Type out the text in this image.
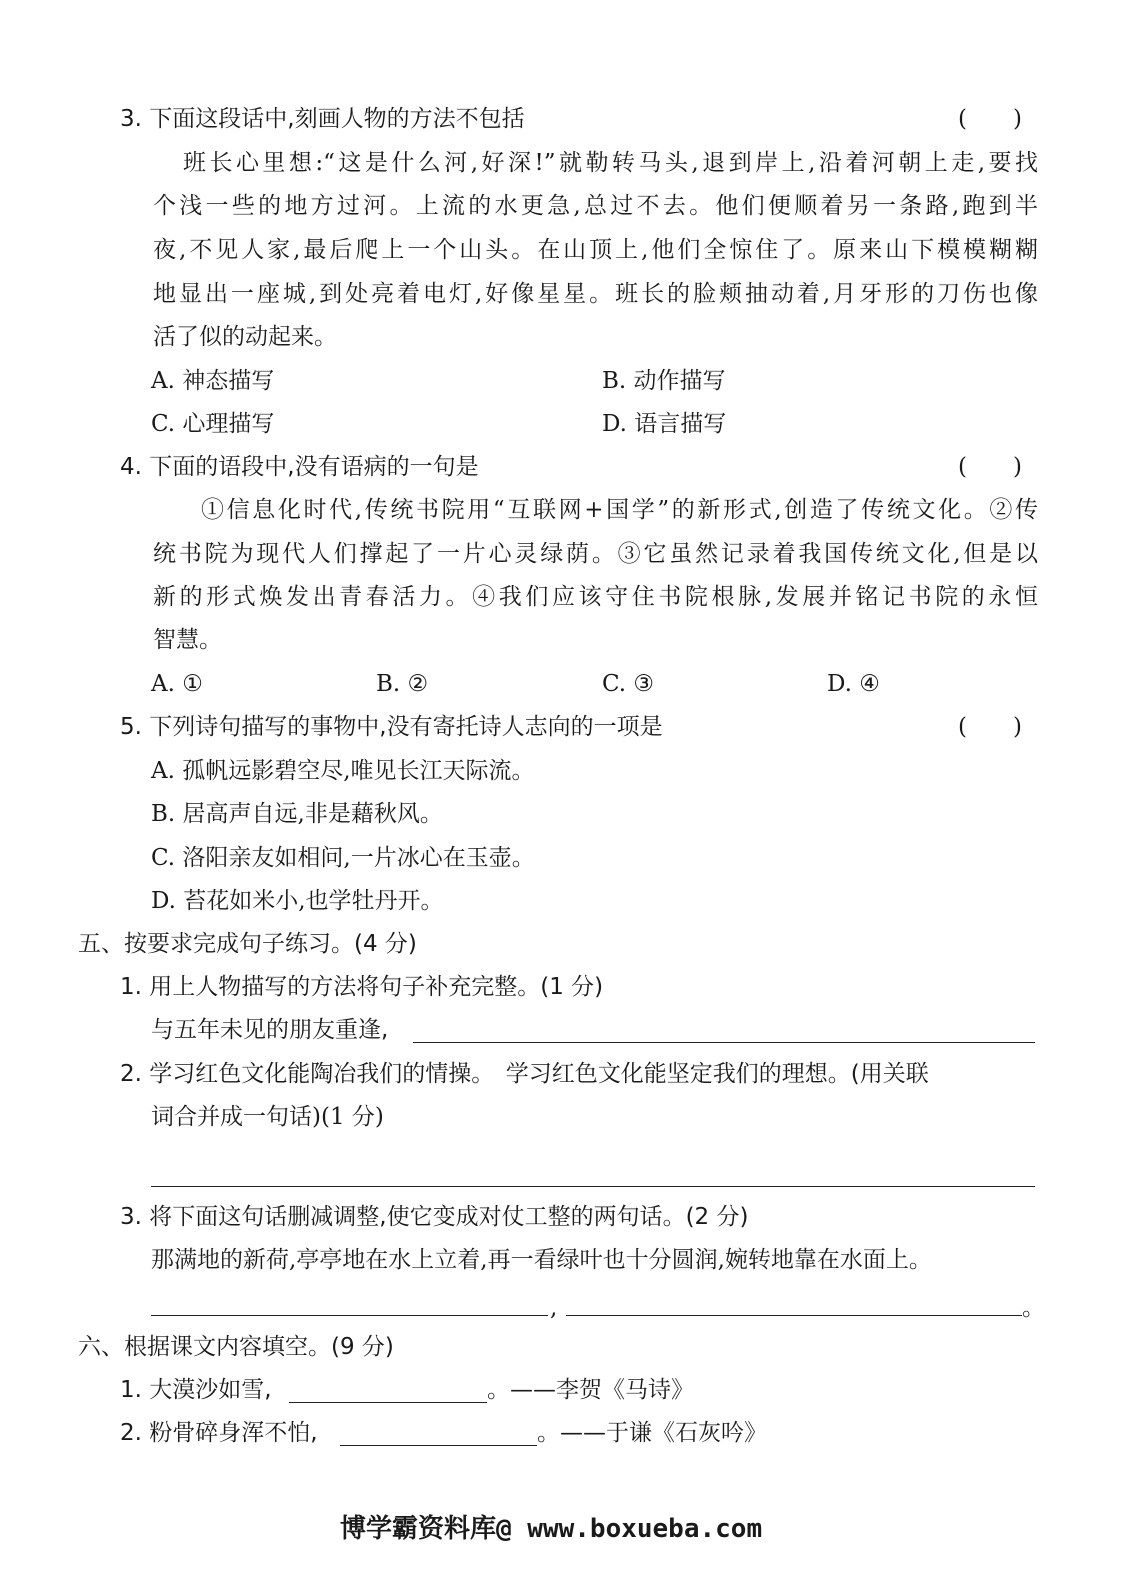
3. 下面这段话中,刻画人物的方法不包括	(　　)
班长心里想:“这是什么河,好深!”就勒转马头,退到岸上,沿着河朝上走,要找
个浅一些的地方过河。上流的水更急,总过不去。他们便顺着另一条路,跑到半
夜,不见人家,最后爬上一个山头。在山顶上,他们全惊住了。原来山下模模糊糊
地显出一座城,到处亮着电灯,好像星星。班长的脸颊抽动着,月牙形的刀伤也像
活了似的动起来。
A. 神态描写	B. 动作描写
C. 心理描写	D. 语言描写
4. 下面的语段中,没有语病的一句是	(　　)
①信息化时代,传统书院用“互联网+国学”的新形式,创造了传统文化。②传
统书院为现代人们撑起了一片心灵绿荫。③它虽然记录着我国传统文化,但是以
新的形式焕发出青春活力。④我们应该守住书院根脉,发展并铭记书院的永恒
智慧。
A. ①	B. ②	C. ③	D. ④
5. 下列诗句描写的事物中,没有寄托诗人志向的一项是	(　　)
A. 孤帆远影碧空尽,唯见长江天际流。
B. 居高声自远,非是藉秋风。
C. 洛阳亲友如相问,一片冰心在玉壶。
D. 苔花如米小,也学牡丹开。
五、按要求完成句子练习。(4 分)
1. 用上人物描写的方法将句子补充完整。(1 分)
与五年未见的朋友重逢,
2. 学习红色文化能陶冶我们的情操。　学习红色文化能坚定我们的理想。(用关联
词合并成一句话)(1 分)
3. 将下面这句话删减调整,使它变成对仗工整的两句话。(2 分)
那满地的新荷,亭亭地在水上立着,再一看绿叶也十分圆润,婉转地靠在水面上。
,	。
六、根据课文内容填空。(9 分)
1. 大漠沙如雪,	。——李贺《马诗》
2. 粉骨碎身浑不怕,	。——于谦《石灰吟》
博学霸资料库@ www.boxueba.com
